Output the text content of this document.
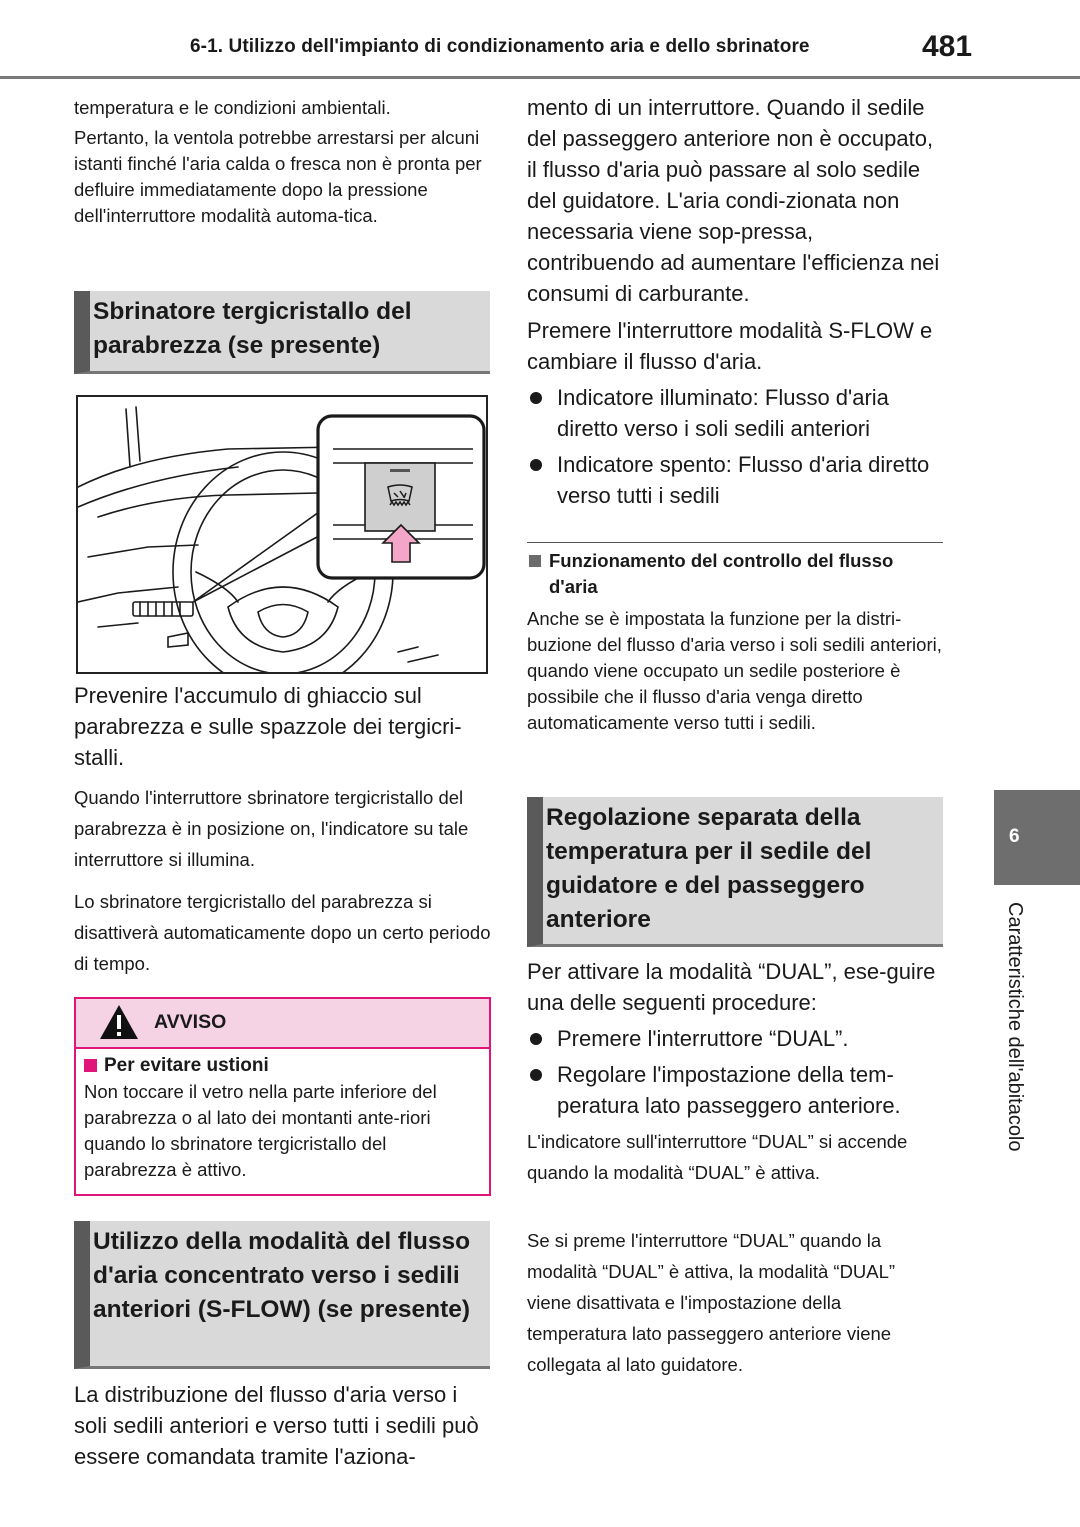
6-1. Utilizzo dell'impianto di condizionamento aria e dello sbrinatore	481

temperatura e le condizioni ambientali.

Pertanto, la ventola potrebbe arrestarsi per alcuni istanti finché l'aria calda o fresca non è pronta per defluire immediatamente dopo la pressione dell'interruttore modalità automa-tica.

Sbrinatore tergicristallo del parabrezza (se presente)

Prevenire l'accumulo di ghiaccio sul parabrezza e sulle spazzole dei tergicri-stalli.

Quando l'interruttore sbrinatore tergicristallo del parabrezza è in posizione on, l'indicatore su tale interruttore si illumina.

Lo sbrinatore tergicristallo del parabrezza si disattiverà automaticamente dopo un certo periodo di tempo.

AVVISO
Per evitare ustioni

Non toccare il vetro nella parte inferiore del parabrezza o al lato dei montanti ante-riori quando lo sbrinatore tergicristallo del parabrezza è attivo.

Utilizzo della modalità del flusso d'aria concentrato verso i sedili anteriori (S-FLOW) (se presente)

La distribuzione del flusso d'aria verso i soli sedili anteriori e verso tutti i sedili può essere comandata tramite l'aziona-

mento di un interruttore. Quando il sedile del passeggero anteriore non è occupato, il flusso d'aria può passare al solo sedile del guidatore. L'aria condi-zionata non necessaria viene sop-pressa, contribuendo ad aumentare l'efficienza nei consumi di carburante.

Premere l'interruttore modalità S-FLOW e cambiare il flusso d'aria.

Indicatore illuminato: Flusso d'aria diretto verso i soli sedili anteriori
Indicatore spento: Flusso d'aria diretto verso tutti i sedili
Funzionamento del controllo del flusso d'aria

Anche se è impostata la funzione per la distri-buzione del flusso d'aria verso i soli sedili anteriori, quando viene occupato un sedile posteriore è possibile che il flusso d'aria venga diretto automaticamente verso tutti i sedili.

Regolazione separata della temperatura per il sedile del guidatore e del passeggero anteriore

Per attivare la modalità “DUAL”, ese-guire una delle seguenti procedure:

Premere l'interruttore “DUAL”.
Regolare l'impostazione della tem-peratura lato passeggero anteriore.

L'indicatore sull'interruttore “DUAL” si accende quando la modalità “DUAL” è attiva.

Se si preme l'interruttore “DUAL” quando la modalità “DUAL” è attiva, la modalità “DUAL” viene disattivata e l'impostazione della temperatura lato passeggero anteriore viene collegata al lato guidatore.

6
Caratteristiche dell'abitacolo
